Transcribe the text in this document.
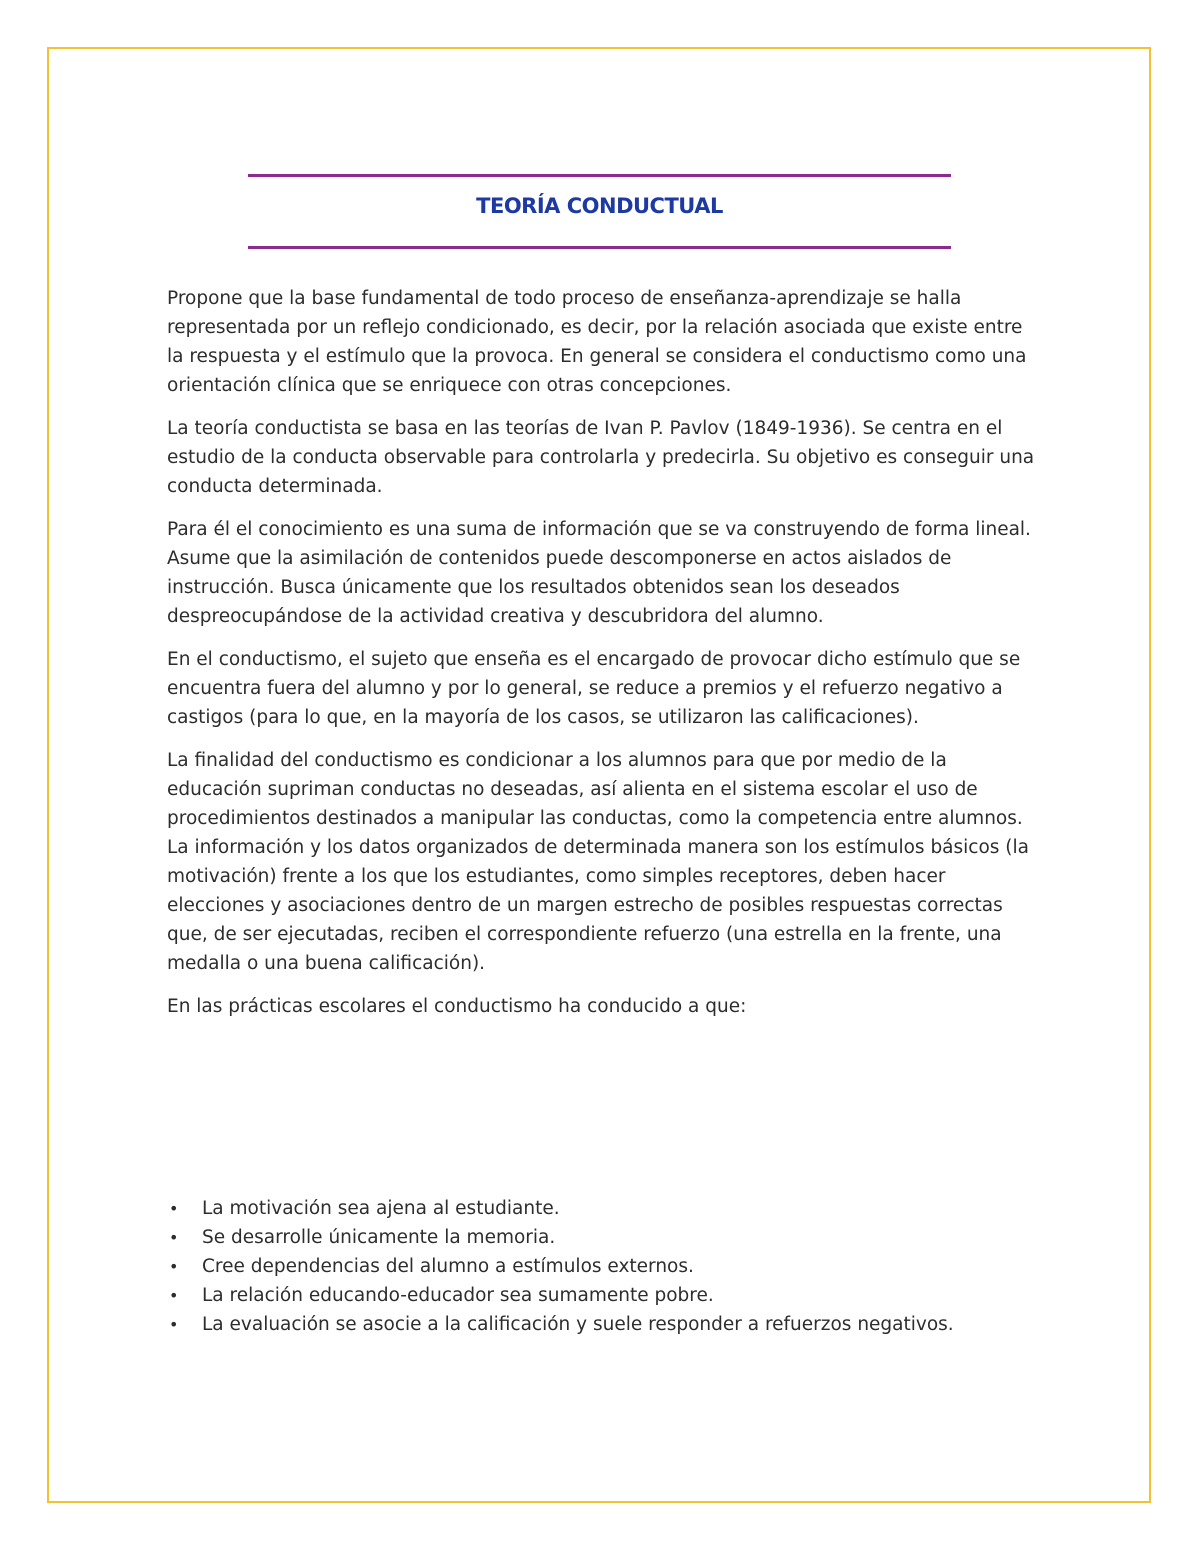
TEORÍA CONDUCTUAL

Propone que la base fundamental de todo proceso de enseñanza-aprendizaje se halla representada por un reflejo condicionado, es decir, por la relación asociada que existe entre la respuesta y el estímulo que la provoca. En general se considera el conductismo como una orientación clínica que se enriquece con otras concepciones.

La teoría conductista se basa en las teorías de Ivan P. Pavlov (1849-1936). Se centra en el estudio de la conducta observable para controlarla y predecirla. Su objetivo es conseguir una conducta determinada.

Para él el conocimiento es una suma de información que se va construyendo de forma lineal. Asume que la asimilación de contenidos puede descomponerse en actos aislados de instrucción. Busca únicamente que los resultados obtenidos sean los deseados despreocupándose de la actividad creativa y descubridora del alumno.

En el conductismo, el sujeto que enseña es el encargado de provocar dicho estímulo que se encuentra fuera del alumno y por lo general, se reduce a premios y el refuerzo negativo a castigos (para lo que, en la mayoría de los casos, se utilizaron las calificaciones).

La finalidad del conductismo es condicionar a los alumnos para que por medio de la educación supriman conductas no deseadas, así alienta en el sistema escolar el uso de procedimientos destinados a manipular las conductas, como la competencia entre alumnos. La información y los datos organizados de determinada manera son los estímulos básicos (la motivación) frente a los que los estudiantes, como simples receptores, deben hacer elecciones y asociaciones dentro de un margen estrecho de posibles respuestas correctas que, de ser ejecutadas, reciben el correspondiente refuerzo (una estrella en la frente, una medalla o una buena calificación).

En las prácticas escolares el conductismo ha conducido a que:

• La motivación sea ajena al estudiante.
• Se desarrolle únicamente la memoria.
• Cree dependencias del alumno a estímulos externos.
• La relación educando-educador sea sumamente pobre.
• La evaluación se asocie a la calificación y suele responder a refuerzos negativos.
